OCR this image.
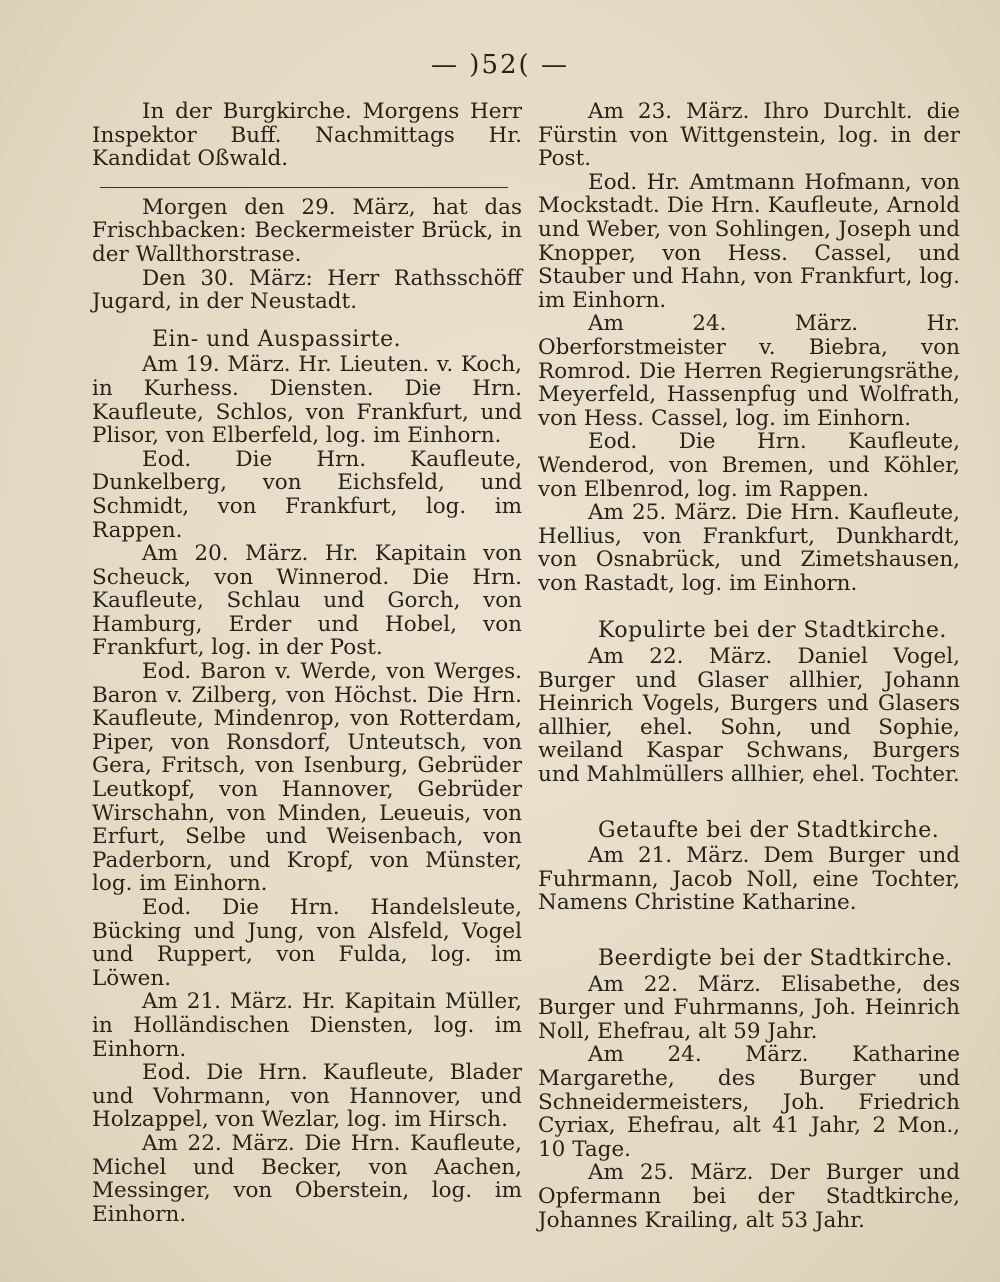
— )52( —

In der Burgkirche. Morgens Herr Inspektor Buff. Nachmittags Hr. Kandidat Oßwald.

Morgen den 29. März, hat das Frischbacken: Beckermeister Brück, in der Wallthorstrase.

Den 30. März: Herr Rathsschöff Jugard, in der Neustadt.

Ein- und Auspassirte.

Am 19. März. Hr. Lieuten. v. Koch, in Kurhess. Diensten. Die Hrn. Kaufleute, Schlos, von Frankfurt, und Plisor, von Elberfeld, log. im Einhorn.

Eod. Die Hrn. Kaufleute, Dunkelberg, von Eichsfeld, und Schmidt, von Frankfurt, log. im Rappen.

Am 20. März. Hr. Kapitain von Scheuck, von Winnerod. Die Hrn. Kaufleute, Schlau und Gorch, von Hamburg, Erder und Hobel, von Frankfurt, log. in der Post.

Eod. Baron v. Werde, von Werges. Baron v. Zilberg, von Höchst. Die Hrn. Kaufleute, Mindenrop, von Rotterdam, Piper, von Ronsdorf, Unteutsch, von Gera, Fritsch, von Isenburg, Gebrüder Leutkopf, von Hannover, Gebrüder Wirschahn, von Minden, Leueuis, von Erfurt, Selbe und Weisenbach, von Paderborn, und Kropf, von Münster, log. im Einhorn.

Eod. Die Hrn. Handelsleute, Bücking und Jung, von Alsfeld, Vogel und Ruppert, von Fulda, log. im Löwen.

Am 21. März. Hr. Kapitain Müller, in Holländischen Diensten, log. im Einhorn.

Eod. Die Hrn. Kaufleute, Blader und Vohrmann, von Hannover, und Holzappel, von Wezlar, log. im Hirsch.

Am 22. März. Die Hrn. Kaufleute, Michel und Becker, von Aachen, Messinger, von Oberstein, log. im Einhorn.

Am 23. März. Ihro Durchlt. die Fürstin von Wittgenstein, log. in der Post.

Eod. Hr. Amtmann Hofmann, von Mockstadt. Die Hrn. Kaufleute, Arnold und Weber, von Sohlingen, Joseph und Knopper, von Hess. Cassel, und Stauber und Hahn, von Frankfurt, log. im Einhorn.

Am 24. März. Hr. Oberforstmeister v. Biebra, von Romrod. Die Herren Regierungsräthe, Meyerfeld, Hassenpfug und Wolfrath, von Hess. Cassel, log. im Einhorn.

Eod. Die Hrn. Kaufleute, Wenderod, von Bremen, und Köhler, von Elbenrod, log. im Rappen.

Am 25. März. Die Hrn. Kaufleute, Hellius, von Frankfurt, Dunkhardt, von Osnabrück, und Zimetshausen, von Rastadt, log. im Einhorn.

Kopulirte bei der Stadtkirche.

Am 22. März. Daniel Vogel, Burger und Glaser allhier, Johann Heinrich Vogels, Burgers und Glasers allhier, ehel. Sohn, und Sophie, weiland Kaspar Schwans, Burgers und Mahlmüllers allhier, ehel. Tochter.

Getaufte bei der Stadtkirche.

Am 21. März. Dem Burger und Fuhrmann, Jacob Noll, eine Tochter, Namens Christine Katharine.

Beerdigte bei der Stadtkirche.

Am 22. März. Elisabethe, des Burger und Fuhrmanns, Joh. Heinrich Noll, Ehefrau, alt 59 Jahr.

Am 24. März. Katharine Margarethe, des Burger und Schneidermeisters, Joh. Friedrich Cyriax, Ehefrau, alt 41 Jahr, 2 Mon., 10 Tage.

Am 25. März. Der Burger und Opfermann bei der Stadtkirche, Johannes Krailing, alt 53 Jahr.
